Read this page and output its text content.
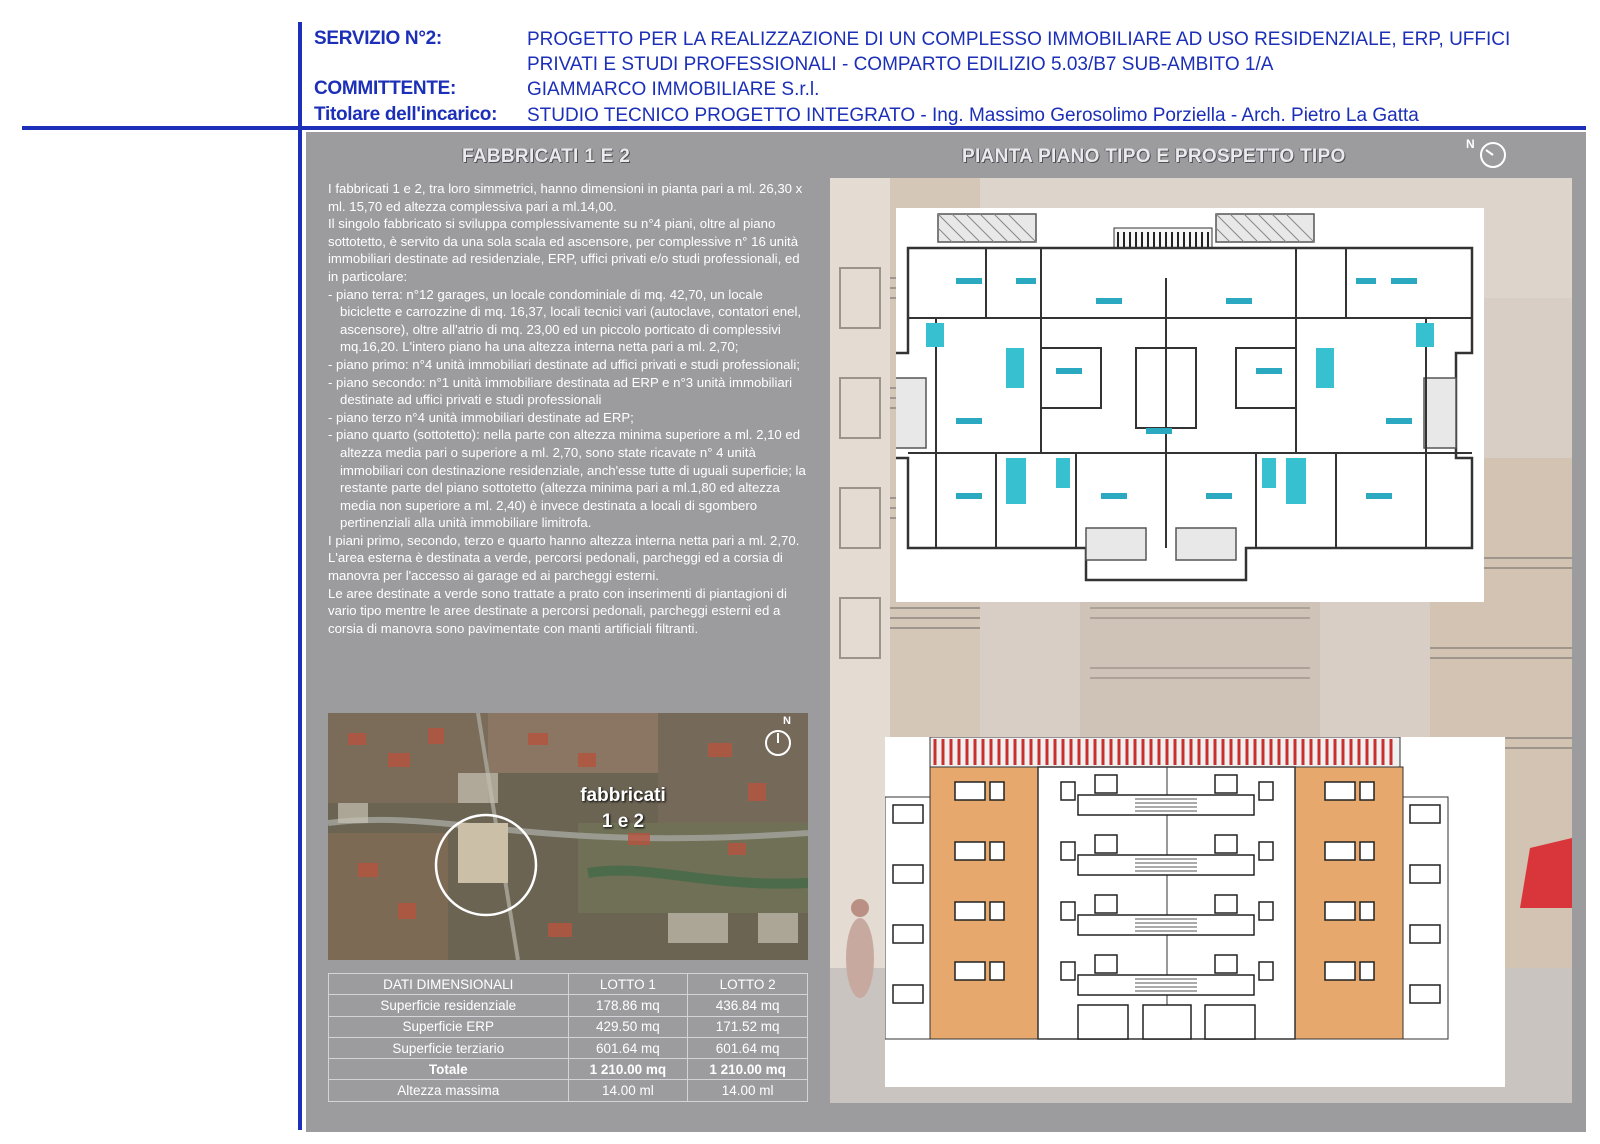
SERVIZIO N°2:	PROGETTO PER LA REALIZZAZIONE DI UN COMPLESSO IMMOBILIARE AD USO RESIDENZIALE, ERP, UFFICI
PRIVATI E STUDI PROFESSIONALI - COMPARTO EDILIZIO 5.03/B7 SUB-AMBITO 1/A
COMMITTENTE:	GIAMMARCO IMMOBILIARE S.r.l.
Titolare dell'incarico: STUDIO TECNICO PROGETTO INTEGRATO - Ing. Massimo Gerosolimo Porziella - Arch. Pietro La Gatta
FABBRICATI 1 E 2	PIANTA PIANO TIPO E PROSPETTO TIPO
N

I fabbricati 1 e 2, tra loro simmetrici, hanno dimensioni in pianta pari a ml. 26,30 x ml. 15,70 ed altezza complessiva pari a ml.14,00.

Il singolo fabbricato si sviluppa complessivamente su n°4 piani, oltre al piano sottotetto, è servito da una sola scala ed ascensore, per complessive n° 16 unità immobiliari destinate ad residenziale, ERP, uffici privati e/o studi professionali, ed in particolare:

- piano terra: n°12 garages, un locale condominiale di mq. 42,70, un locale biciclette e carrozzine di mq. 16,37, locali tecnici vari (autoclave, contatori enel, ascensore), oltre all'atrio di mq. 23,00 ed un piccolo porticato di complessivi mq.16,20. L'intero piano ha una altezza interna netta pari a ml. 2,70;

- piano primo: n°4 unità immobiliari destinate ad uffici privati e studi professionali;

- piano secondo: n°1 unità immobiliare destinata ad ERP e n°3 unità immobiliari destinate ad uffici privati e studi professionali

- piano terzo n°4 unità immobiliari destinate ad ERP;

- piano quarto (sottotetto): nella parte con altezza minima superiore a ml. 2,10 ed altezza media pari o superiore a ml. 2,70, sono state ricavate n° 4 unità immobiliari con destinazione residenziale, anch'esse tutte di uguali superficie; la restante parte del piano sottotetto (altezza minima pari a ml.1,80 ed altezza media non superiore a ml. 2,40) è invece destinata a locali di sgombero pertinenziali alla unità immobiliare limitrofa.

I piani primo, secondo, terzo e quarto hanno altezza interna netta pari a ml. 2,70.

L'area esterna è destinata a verde, percorsi pedonali, parcheggi ed a corsia di manovra per l'accesso ai garage ed ai parcheggi esterni.

Le aree destinate a verde sono trattate a prato con inserimenti di piantagioni di vario tipo mentre le aree destinate a percorsi pedonali, parcheggi esterni ed a corsia di manovra sono pavimentate con manti artificiali filtranti.

fabbricati
1 e 2
N
DATI DIMENSIONALI	LOTTO 1	LOTTO 2
Superficie residenziale	178.86 mq	436.84 mq
Superficie ERP	429.50 mq	171.52 mq
Superficie terziario	601.64 mq	601.64 mq
Totale	1 210.00 mq	1 210.00 mq
Altezza massima	14.00 ml	14.00 ml
